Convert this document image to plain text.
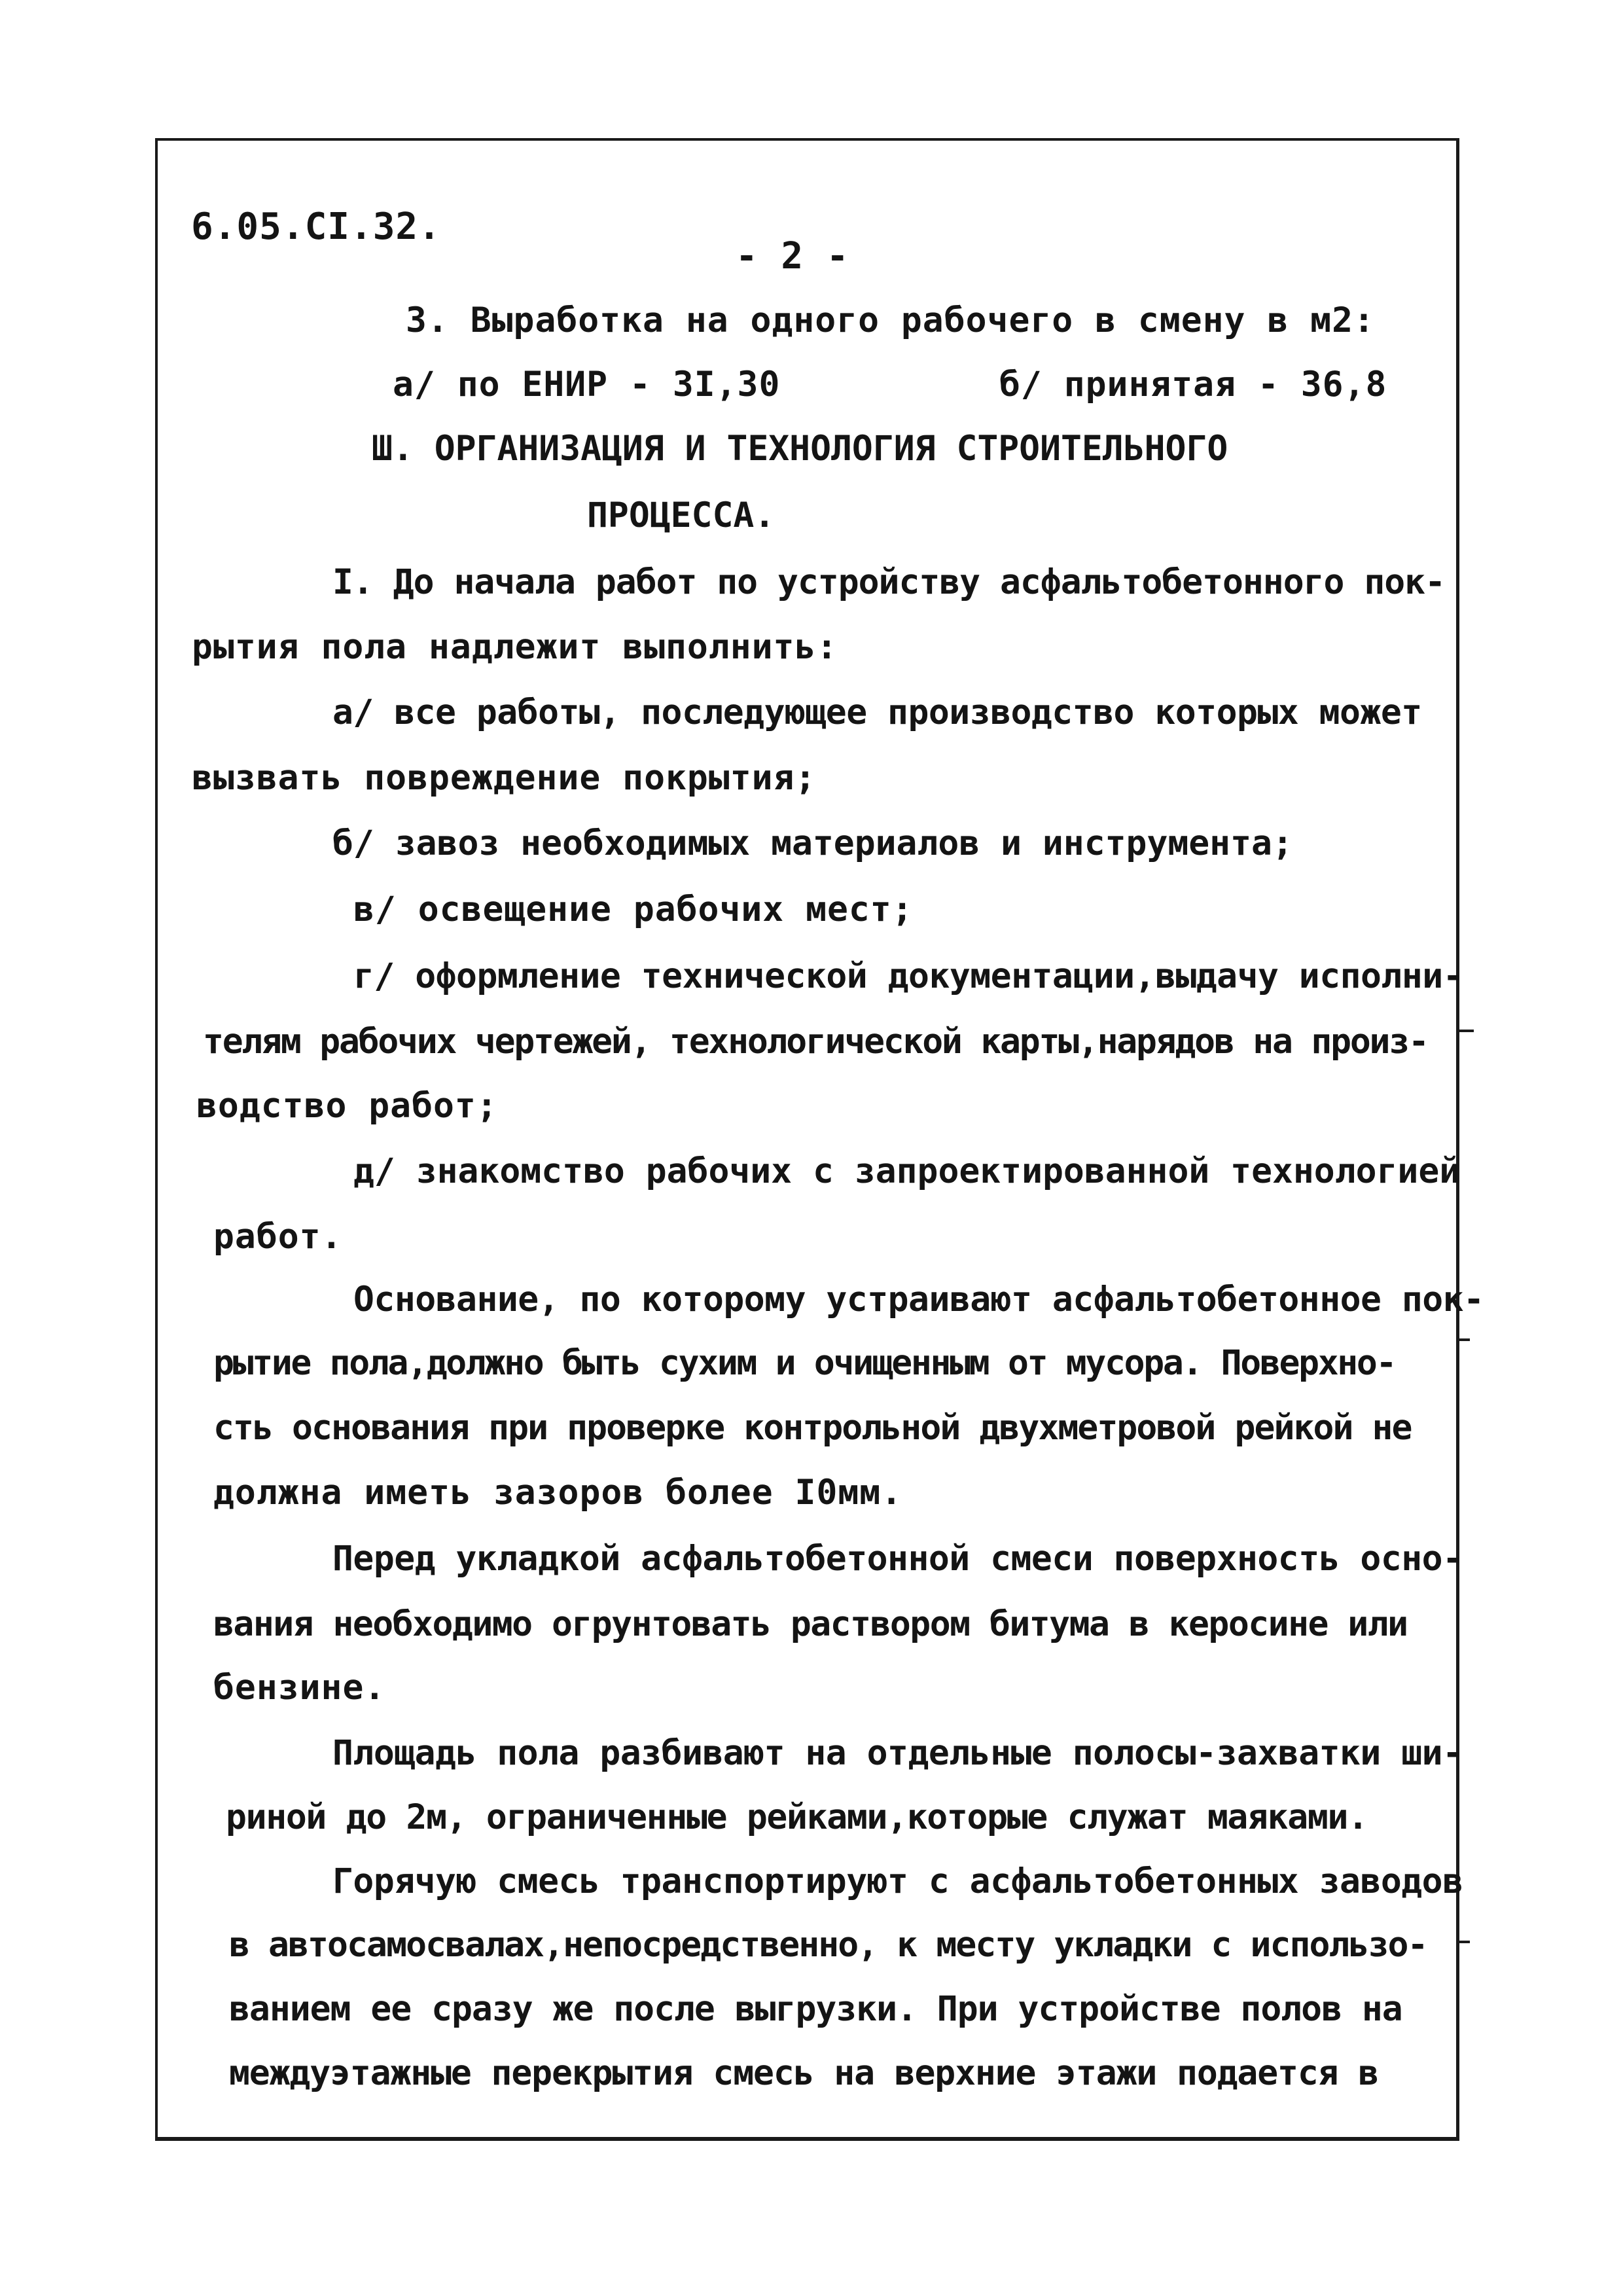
6.05.CI.32.
- 2 -
3. Выработка на одного рабочего в смену в м2:
а/ по ЕНИР - 3I,30	б/ принятая - 36,8
Ш. ОРГАНИЗАЦИЯ И ТЕХНОЛОГИЯ СТРОИТЕЛЬНОГО
ПРОЦЕССА.
I. До начала работ по устройству асфальтобетонного пок-
рытия пола надлежит выполнить:
а/ все работы, последующее производство которых может
вызвать повреждение покрытия;
б/ завоз необходимых материалов и инструмента;
в/ освещение рабочих мест;
г/ оформление технической документации,выдачу исполни-
телям рабочих чертежей, технологической карты,нарядов на произ-
водство работ;
д/ знакомство рабочих с запроектированной технологией
работ.
Основание, по которому устраивают асфальтобетонное пок-
рытие пола,должно быть сухим и очищенным от мусора. Поверхно-
сть основания при проверке контрольной двухметровой рейкой не
должна иметь зазоров более I0мм.
Перед укладкой асфальтобетонной смеси поверхность осно-
вания необходимо огрунтовать раствором битума в керосине или
бензине.
Площадь пола разбивают на отдельные полосы-захватки ши-
риной до 2м, ограниченные рейками,которые служат маяками.
Горячую смесь транспортируют с асфальтобетонных заводов
в автосамосвалах,непосредственно, к месту укладки с использо-
ванием ее сразу же после выгрузки. При устройстве полов на
междуэтажные перекрытия смесь на верхние этажи подается в
